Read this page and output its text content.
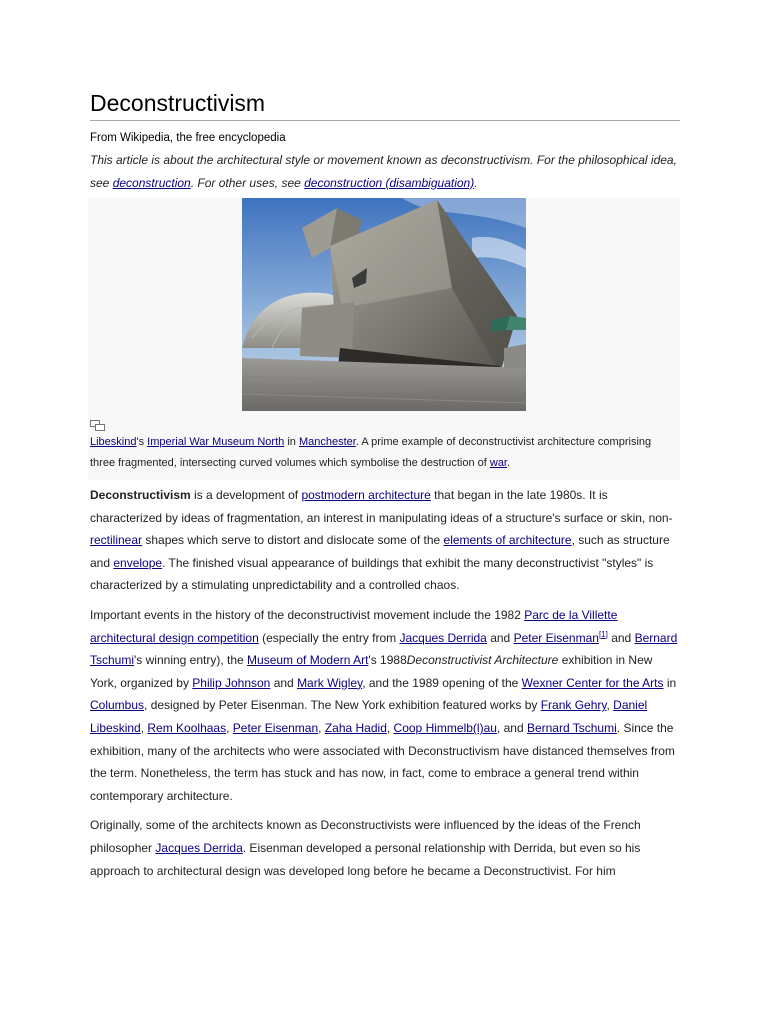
Deconstructivism
From Wikipedia, the free encyclopedia
This article is about the architectural style or movement known as deconstructivism. For the philosophical idea, see deconstruction. For other uses, see deconstruction (disambiguation).
Libeskind's Imperial War Museum North in Manchester. A prime example of deconstructivist architecture comprising three fragmented, intersecting curved volumes which symbolise the destruction of war.

Deconstructivism is a development of postmodern architecture that began in the late 1980s. It is characterized by ideas of fragmentation, an interest in manipulating ideas of a structure's surface or skin, non-rectilinear shapes which serve to distort and dislocate some of the elements of architecture, such as structure and envelope. The finished visual appearance of buildings that exhibit the many deconstructivist "styles" is characterized by a stimulating unpredictability and a controlled chaos.

Important events in the history of the deconstructivist movement include the 1982 Parc de la Villette architectural design competition (especially the entry from Jacques Derrida and Peter Eisenman[1] and Bernard Tschumi's winning entry), the Museum of Modern Art's 1988Deconstructivist Architecture exhibition in New York, organized by Philip Johnson and Mark Wigley, and the 1989 opening of the Wexner Center for the Arts in Columbus, designed by Peter Eisenman. The New York exhibition featured works by Frank Gehry, Daniel Libeskind, Rem Koolhaas, Peter Eisenman, Zaha Hadid, Coop Himmelb(l)au, and Bernard Tschumi. Since the exhibition, many of the architects who were associated with Deconstructivism have distanced themselves from the term. Nonetheless, the term has stuck and has now, in fact, come to embrace a general trend within contemporary architecture.

Originally, some of the architects known as Deconstructivists were influenced by the ideas of the French philosopher Jacques Derrida. Eisenman developed a personal relationship with Derrida, but even so his approach to architectural design was developed long before he became a Deconstructivist. For him
